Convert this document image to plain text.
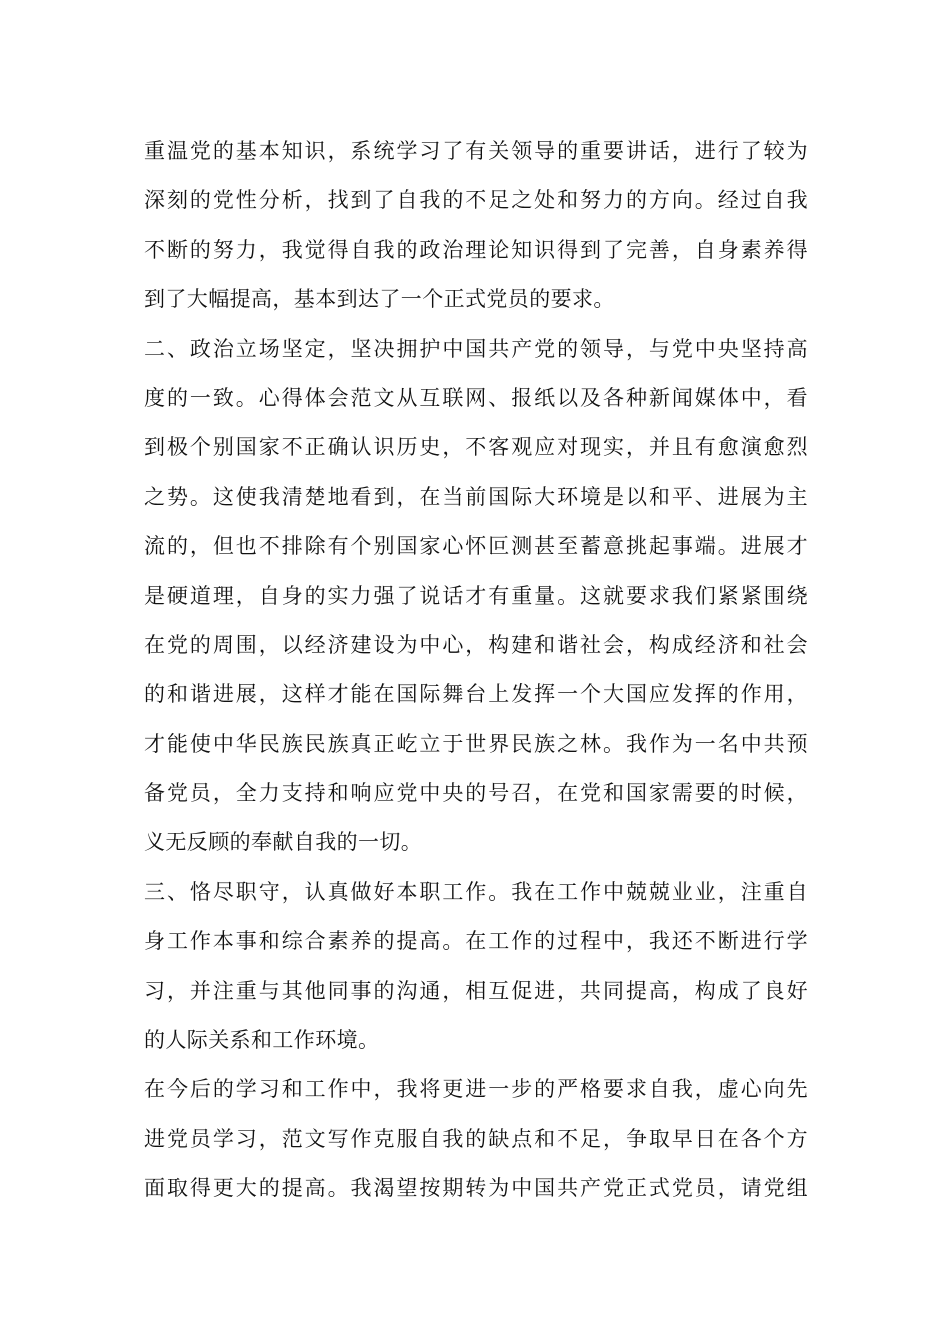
重温党的基本知识，系统学习了有关领导的重要讲话，进行了较为
深刻的党性分析，找到了自我的不足之处和努力的方向。经过自我
不断的努力，我觉得自我的政治理论知识得到了完善，自身素养得
到了大幅提高，基本到达了一个正式党员的要求。
二、政治立场坚定，坚决拥护中国共产党的领导，与党中央坚持高
度的一致。心得体会范文从互联网、报纸以及各种新闻媒体中，看
到极个别国家不正确认识历史，不客观应对现实，并且有愈演愈烈
之势。这使我清楚地看到，在当前国际大环境是以和平、进展为主
流的，但也不排除有个别国家心怀叵测甚至蓄意挑起事端。进展才
是硬道理，自身的实力强了说话才有重量。这就要求我们紧紧围绕
在党的周围，以经济建设为中心，构建和谐社会，构成经济和社会
的和谐进展，这样才能在国际舞台上发挥一个大国应发挥的作用，
才能使中华民族民族真正屹立于世界民族之林。我作为一名中共预
备党员，全力支持和响应党中央的号召，在党和国家需要的时候，
义无反顾的奉献自我的一切。
三、恪尽职守，认真做好本职工作。我在工作中兢兢业业，注重自
身工作本事和综合素养的提高。在工作的过程中，我还不断进行学
习，并注重与其他同事的沟通，相互促进，共同提高，构成了良好
的人际关系和工作环境。
在今后的学习和工作中，我将更进一步的严格要求自我，虚心向先
进党员学习，范文写作克服自我的缺点和不足，争取早日在各个方
面取得更大的提高。我渴望按期转为中国共产党正式党员，请党组
